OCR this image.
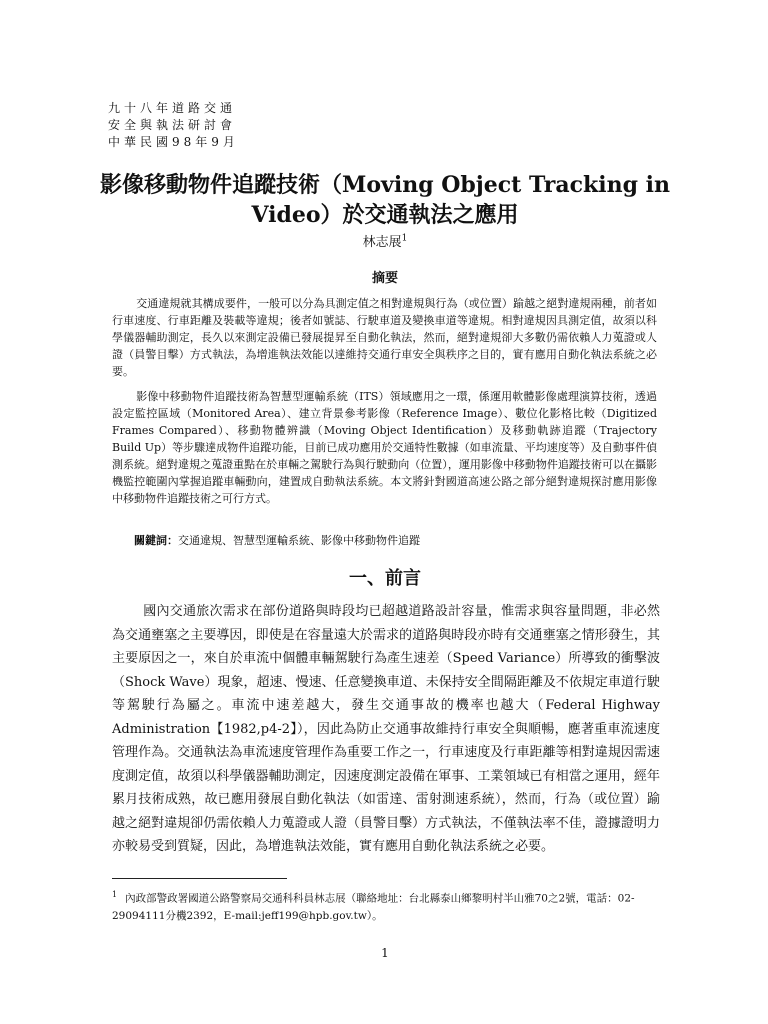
九十八年道路交通
安全與執法研討會
中華民國98年9月
影像移動物件追蹤技術（Moving Object Tracking in Video）於交通執法之應用
林志展$^1$
摘要

交通違規就其構成要件，一般可以分為具測定值之相對違規與行為（或位置）踰越之絕對違規兩種，前者如行車速度、行車距離及裝載等違規；後者如號誌、行駛車道及變換車道等違規。相對違規因具測定值，故須以科學儀器輔助測定，長久以來測定設備已發展提昇至自動化執法，然而，絕對違規卻大多數仍需依賴人力蒐證或人證（員警目擊）方式執法，為增進執法效能以達維持交通行車安全與秩序之目的，實有應用自動化執法系統之必要。

影像中移動物件追蹤技術為智慧型運輸系統（ITS）領域應用之一環，係運用軟體影像處理演算技術，透過設定監控區域（Monitored Area）、建立背景參考影像（Reference Image）、數位化影格比較（Digitized Frames Compared）、移動物體辨識（Moving Object Identification）及移動軌跡追蹤（Trajectory Build Up）等步驟達成物件追蹤功能，目前已成功應用於交通特性數據（如車流量、平均速度等）及自動事件偵測系統。絕對違規之蒐證重點在於車輛之駕駛行為與行駛動向（位置），運用影像中移動物件追蹤技術可以在攝影機監控範圍內掌握追蹤車輛動向，建置成自動執法系統。本文將針對國道高速公路之部分絕對違規探討應用影像中移動物件追蹤技術之可行方式。

關鍵詞：交通違規、智慧型運輸系統、影像中移動物件追蹤
一、前言

國內交通旅次需求在部份道路與時段均已超越道路設計容量，惟需求與容量問題，非必然為交通壅塞之主要導因，即使是在容量遠大於需求的道路與時段亦時有交通壅塞之情形發生，其主要原因之一，來自於車流中個體車輛駕駛行為產生速差（Speed Variance）所導致的衝擊波（Shock Wave）現象，超速、慢速、任意變換車道、未保持安全間隔距離及不依規定車道行駛等駕駛行為屬之。車流中速差越大，發生交通事故的機率也越大（Federal Highway Administration【1982,p4-2】），因此為防止交通事故維持行車安全與順暢，應著重車流速度管理作為。交通執法為車流速度管理作為重要工作之一，行車速度及行車距離等相對違規因需速度測定值，故須以科學儀器輔助測定，因速度測定設備在軍事、工業領域已有相當之運用，經年累月技術成熟，故已應用發展自動化執法（如雷達、雷射測速系統），然而，行為（或位置）踰越之絕對違規卻仍需依賴人力蒐證或人證（員警目擊）方式執法，不僅執法率不佳，證據證明力亦較易受到質疑，因此，為增進執法效能，實有應用自動化執法系統之必要。

$^1$ 內政部警政署國道公路警察局交通科科員林志展（聯絡地址：台北縣泰山鄉黎明村半山雅70之2號，電話：02-29094111分機2392，E-mail:jeff199@hpb.gov.tw）。
1
